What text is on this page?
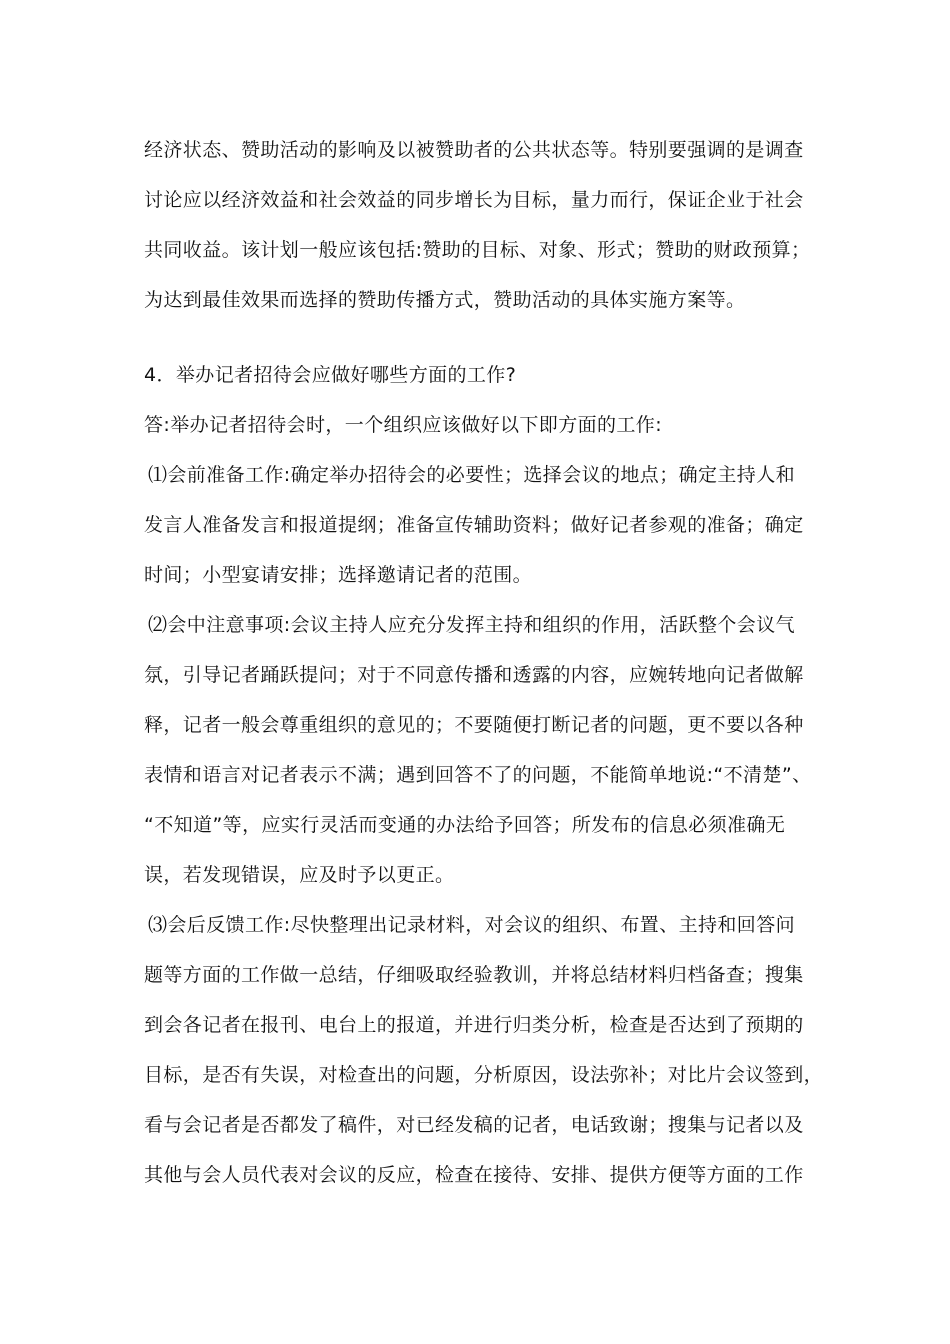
经济状态、赞助活动的影响及以被赞助者的公共状态等。特别要强调的是调查
讨论应以经济效益和社会效益的同步增长为目标，量力而行，保证企业于社会
共同收益。该计划一般应该包括:赞助的目标、对象、形式；赞助的财政预算；
为达到最佳效果而选择的赞助传播方式，赞助活动的具体实施方案等。
4．举办记者招待会应做好哪些方面的工作?
答:举办记者招待会时，一个组织应该做好以下即方面的工作:
⑴会前准备工作:确定举办招待会的必要性；选择会议的地点；确定主持人和
发言人准备发言和报道提纲；准备宣传辅助资料；做好记者参观的准备；确定
时间；小型宴请安排；选择邀请记者的范围。
⑵会中注意事项:会议主持人应充分发挥主持和组织的作用，活跃整个会议气
氛，引导记者踊跃提问；对于不同意传播和透露的内容，应婉转地向记者做解
释，记者一般会尊重组织的意见的；不要随便打断记者的问题，更不要以各种
表情和语言对记者表示不满；遇到回答不了的问题，不能简单地说:“不清楚”、
“不知道”等，应实行灵活而变通的办法给予回答；所发布的信息必须准确无
误，若发现错误，应及时予以更正。
⑶会后反馈工作:尽快整理出记录材料，对会议的组织、布置、主持和回答问
题等方面的工作做一总结，仔细吸取经验教训，并将总结材料归档备查；搜集
到会各记者在报刊、电台上的报道，并进行归类分析，检查是否达到了预期的
目标，是否有失误，对检查出的问题，分析原因，设法弥补；对比片会议签到，
看与会记者是否都发了稿件，对已经发稿的记者，电话致谢；搜集与记者以及
其他与会人员代表对会议的反应，检查在接待、安排、提供方便等方面的工作
